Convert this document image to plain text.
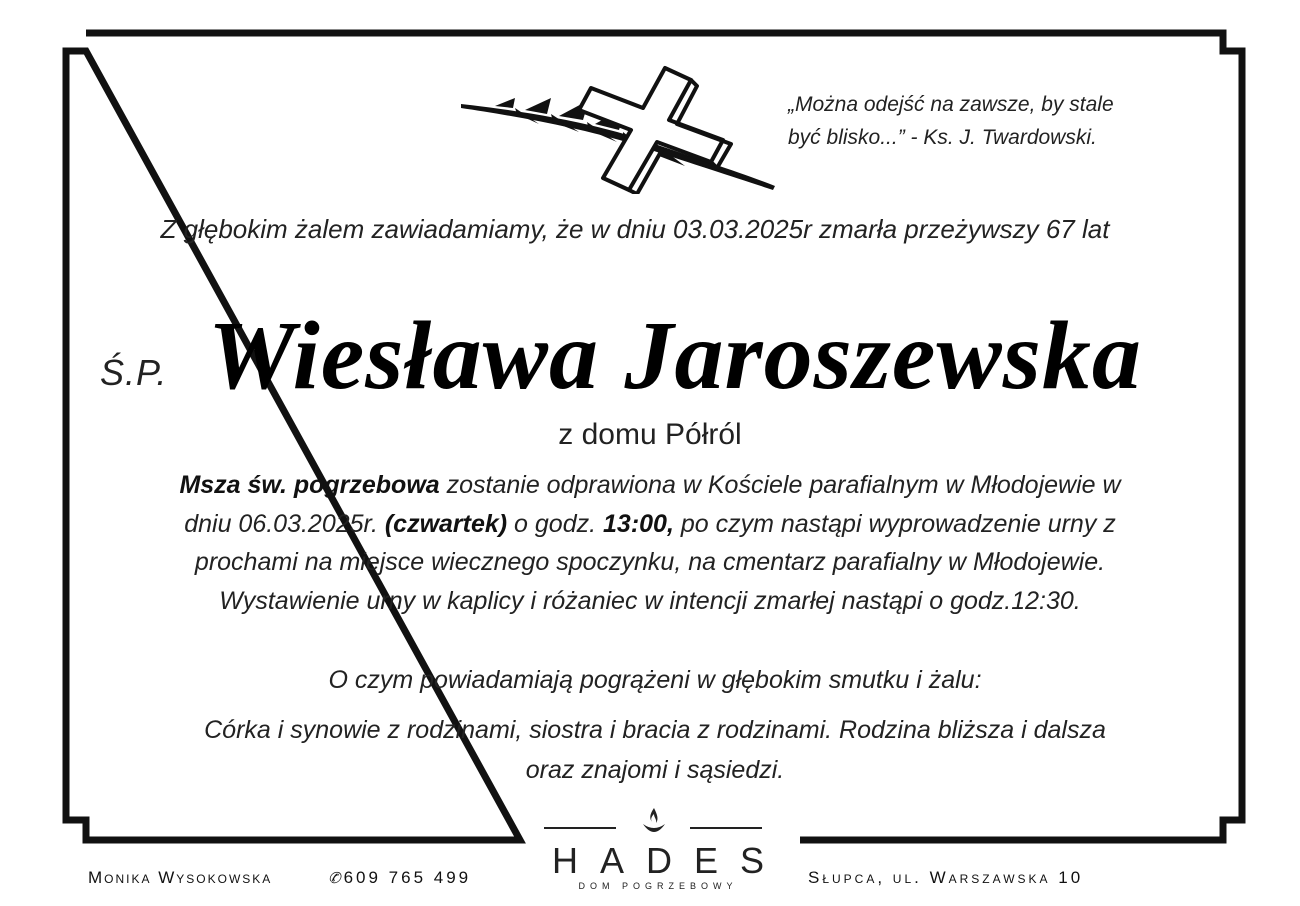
„Można odejść na zawsze, by stale
być blisko...” - Ks. J. Twardowski.
Z głębokim żalem zawiadamiamy, że w dniu 03.03.2025r zmarła przeżywszy 67 lat
Ś.P. Wiesława Jaroszewska
z domu Półról
Msza św. pogrzebowa zostanie odprawiona w Kościele parafialnym w Młodojewie w
dniu 06.03.2025r. (czwartek) o godz. 13:00, po czym nastąpi wyprowadzenie urny z
prochami na miejsce wiecznego spoczynku, na cmentarz parafialny w Młodojewie.
Wystawienie urny w kaplicy i różaniec w intencji zmarłej nastąpi o godz.12:30.
O czym powiadamiają pogrążeni w głębokim smutku i żalu:
Córka i synowie z rodzinami, siostra i bracia z rodzinami. Rodzina bliższa i dalsza
oraz znajomi i sąsiedzi.
Monika Wysokowska	✆609 765 499	HADES
DOM POGRZEBOWY	Słupca, ul. Warszawska 10
